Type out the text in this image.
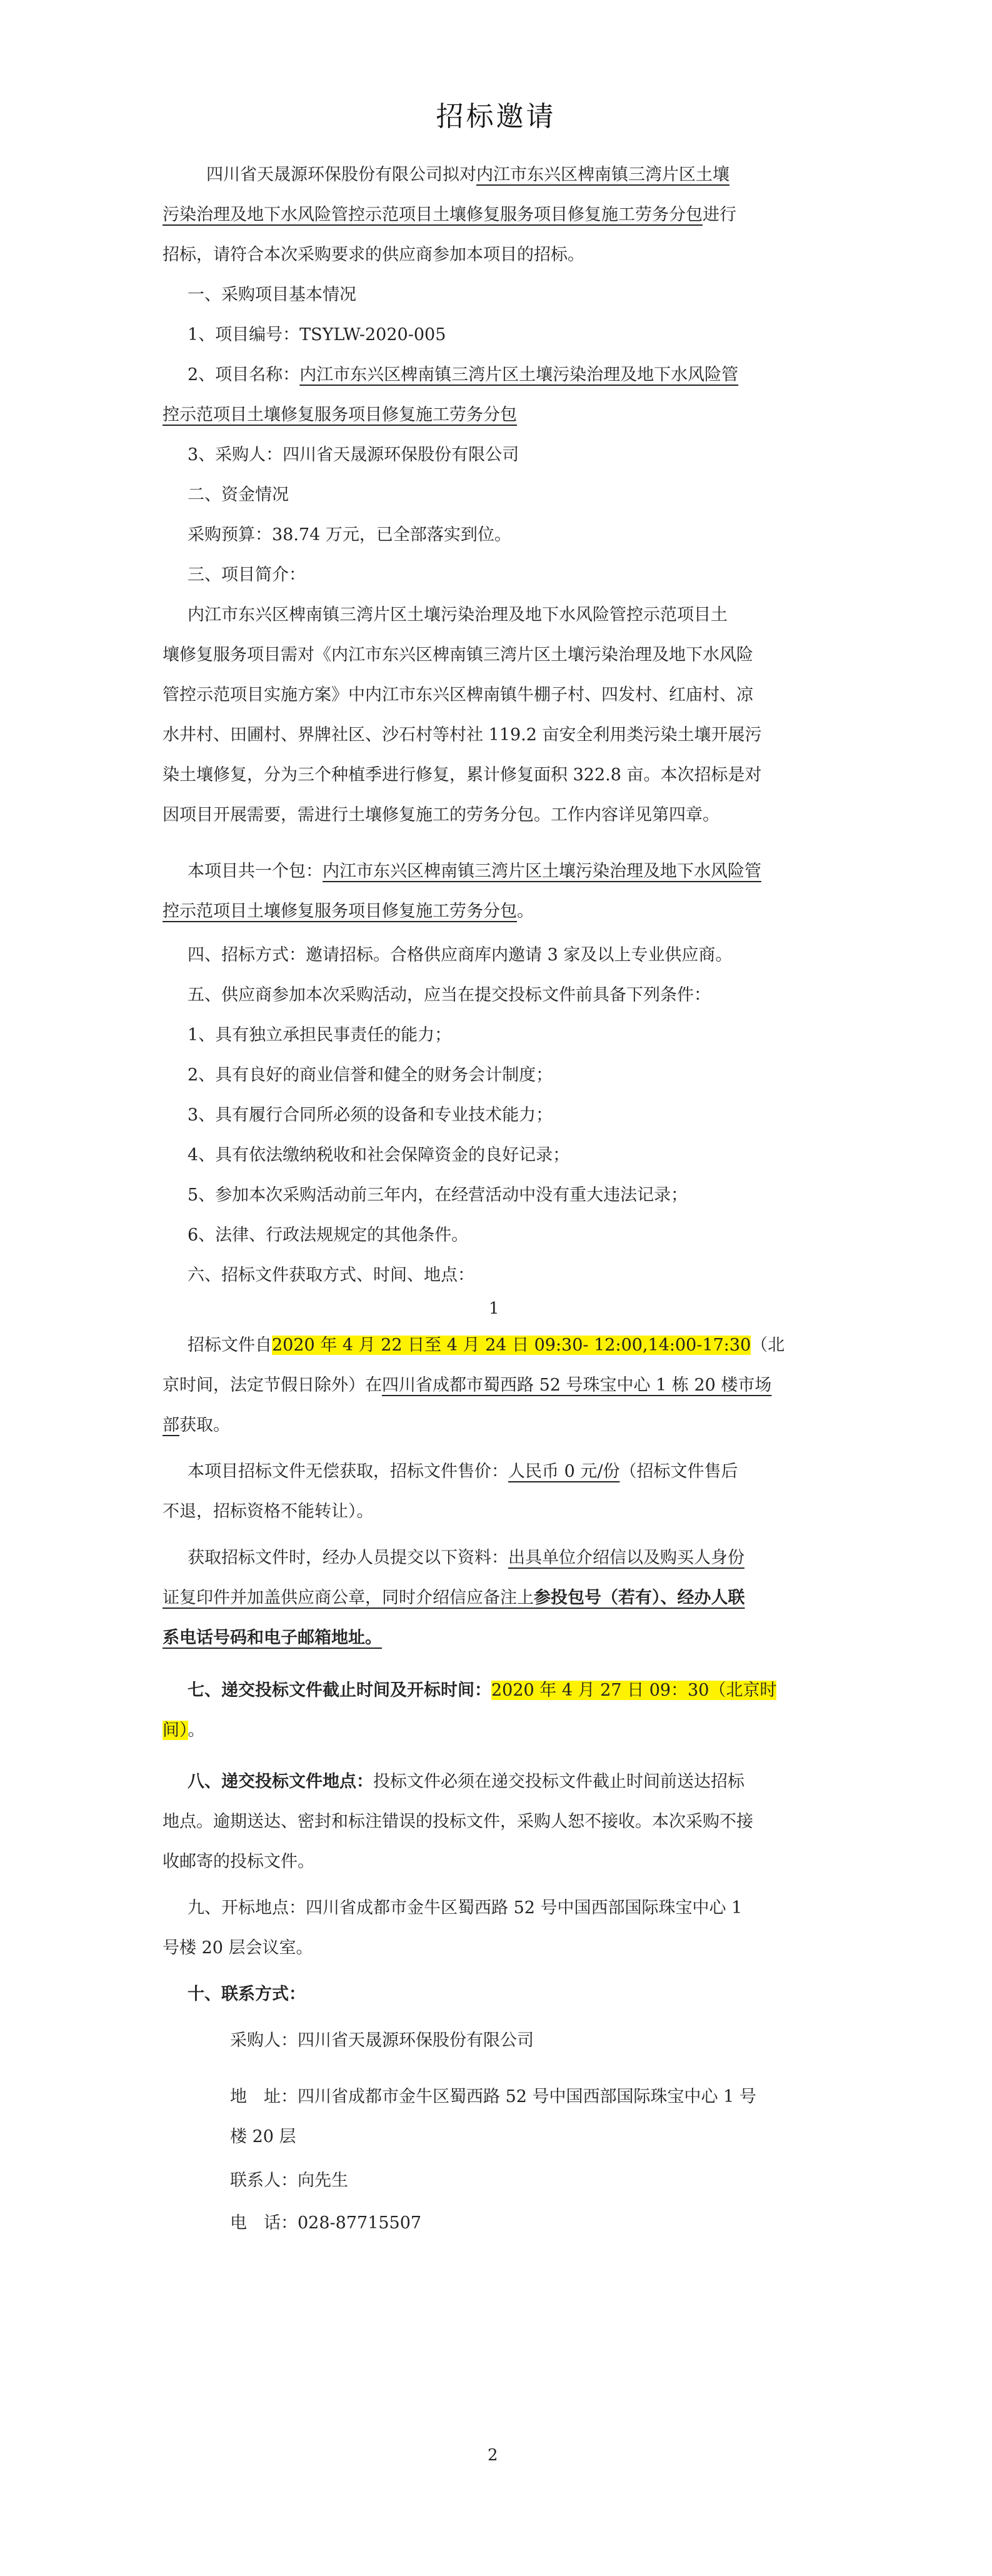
招标邀请
四川省天晟源环保股份有限公司拟对内江市东兴区椑南镇三湾片区土壤
污染治理及地下水风险管控示范项目土壤修复服务项目修复施工劳务分包进行
招标，请符合本次采购要求的供应商参加本项目的招标。
一、采购项目基本情况
1、项目编号：TSYLW-2020-005
2、项目名称：内江市东兴区椑南镇三湾片区土壤污染治理及地下水风险管
控示范项目土壤修复服务项目修复施工劳务分包
3、采购人：四川省天晟源环保股份有限公司
二、资金情况
采购预算：38.74 万元，已全部落实到位。
三、项目简介：
内江市东兴区椑南镇三湾片区土壤污染治理及地下水风险管控示范项目土
壤修复服务项目需对《内江市东兴区椑南镇三湾片区土壤污染治理及地下水风险
管控示范项目实施方案》中内江市东兴区椑南镇牛棚子村、四发村、红庙村、凉
水井村、田圃村、界牌社区、沙石村等村社 119.2 亩安全利用类污染土壤开展污
染土壤修复，分为三个种植季进行修复，累计修复面积 322.8 亩。本次招标是对
因项目开展需要，需进行土壤修复施工的劳务分包。工作内容详见第四章。
本项目共一个包：内江市东兴区椑南镇三湾片区土壤污染治理及地下水风险管
控示范项目土壤修复服务项目修复施工劳务分包。
四、招标方式：邀请招标。合格供应商库内邀请 3 家及以上专业供应商。
五、供应商参加本次采购活动，应当在提交投标文件前具备下列条件：
1、具有独立承担民事责任的能力；
2、具有良好的商业信誉和健全的财务会计制度；
3、具有履行合同所必须的设备和专业技术能力；
4、具有依法缴纳税收和社会保障资金的良好记录；
5、参加本次采购活动前三年内，在经营活动中没有重大违法记录；
6、法律、行政法规规定的其他条件。
六、招标文件获取方式、时间、地点：
1
招标文件自2020 年 4 月 22 日至 4 月 24 日 09:30- 12:00,14:00-17:30（北
京时间，法定节假日除外）在四川省成都市蜀西路 52 号珠宝中心 1 栋 20 楼市场
部获取。
本项目招标文件无偿获取，招标文件售价：人民币 0 元/份（招标文件售后
不退，招标资格不能转让）。
获取招标文件时，经办人员提交以下资料：出具单位介绍信以及购买人身份
证复印件并加盖供应商公章，同时介绍信应备注上参投包号（若有）、经办人联
系电话号码和电子邮箱地址。
七、递交投标文件截止时间及开标时间：2020 年 4 月 27 日 09：30（北京时
间）。
八、递交投标文件地点：投标文件必须在递交投标文件截止时间前送达招标
地点。逾期送达、密封和标注错误的投标文件，采购人恕不接收。本次采购不接
收邮寄的投标文件。
九、开标地点：四川省成都市金牛区蜀西路 52 号中国西部国际珠宝中心 1
号楼 20 层会议室。
十、联系方式：
采购人：四川省天晟源环保股份有限公司
地　址：四川省成都市金牛区蜀西路 52 号中国西部国际珠宝中心 1 号
楼 20 层
联系人：向先生
电　话：028-87715507
2
